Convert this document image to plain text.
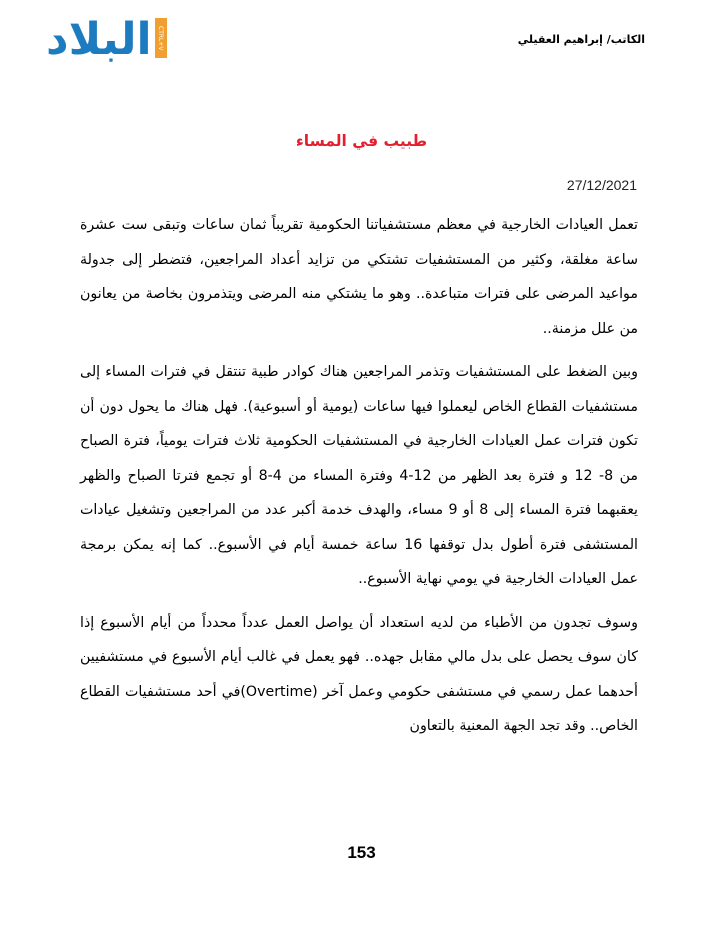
البلاد CTRL+V	الكاتب/ إبراهيم العقيلي
طبيب في المساء
27/12/2021

تعمل العيادات الخارجية في معظم مستشفياتنا الحكومية تقريباً ثمان ساعات وتبقى ست عشرة ساعة مغلقة، وكثير من المستشفيات تشتكي من تزايد أعداد المراجعين، فتضطر إلى جدولة مواعيد المرضى على فترات متباعدة.. وهو ما يشتكي منه المرضى ويتذمرون بخاصة من يعانون من علل مزمنة..

وبين الضغط على المستشفيات وتذمر المراجعين هناك كوادر طبية تنتقل في فترات المساء إلى مستشفيات القطاع الخاص ليعملوا فيها ساعات (يومية أو أسبوعية). فهل هناك ما يحول دون أن تكون فترات عمل العيادات الخارجية في المستشفيات الحكومية ثلاث فترات يومياً، فترة الصباح من 8- 12 و فترة بعد الظهر من 12-4 وفترة المساء من 4-8 أو تجمع فترتا الصباح والظهر يعقبهما فترة المساء إلى 8 أو 9 مساء، والهدف خدمة أكبر عدد من المراجعين وتشغيل عيادات المستشفى فترة أطول بدل توقفها 16 ساعة خمسة أيام في الأسبوع.. كما إنه يمكن برمجة عمل العيادات الخارجية في يومي نهاية الأسبوع..

وسوف تجدون من الأطباء من لديه استعداد أن يواصل العمل عدداً محدداً من أيام الأسبوع إذا كان سوف يحصل على بدل مالي مقابل جهده.. فهو يعمل في غالب أيام الأسبوع في مستشفيين أحدهما عمل رسمي في مستشفى حكومي وعمل آخر (Overtime)في أحد مستشفيات القطاع الخاص.. وقد تجد الجهة المعنية بالتعاون

153
